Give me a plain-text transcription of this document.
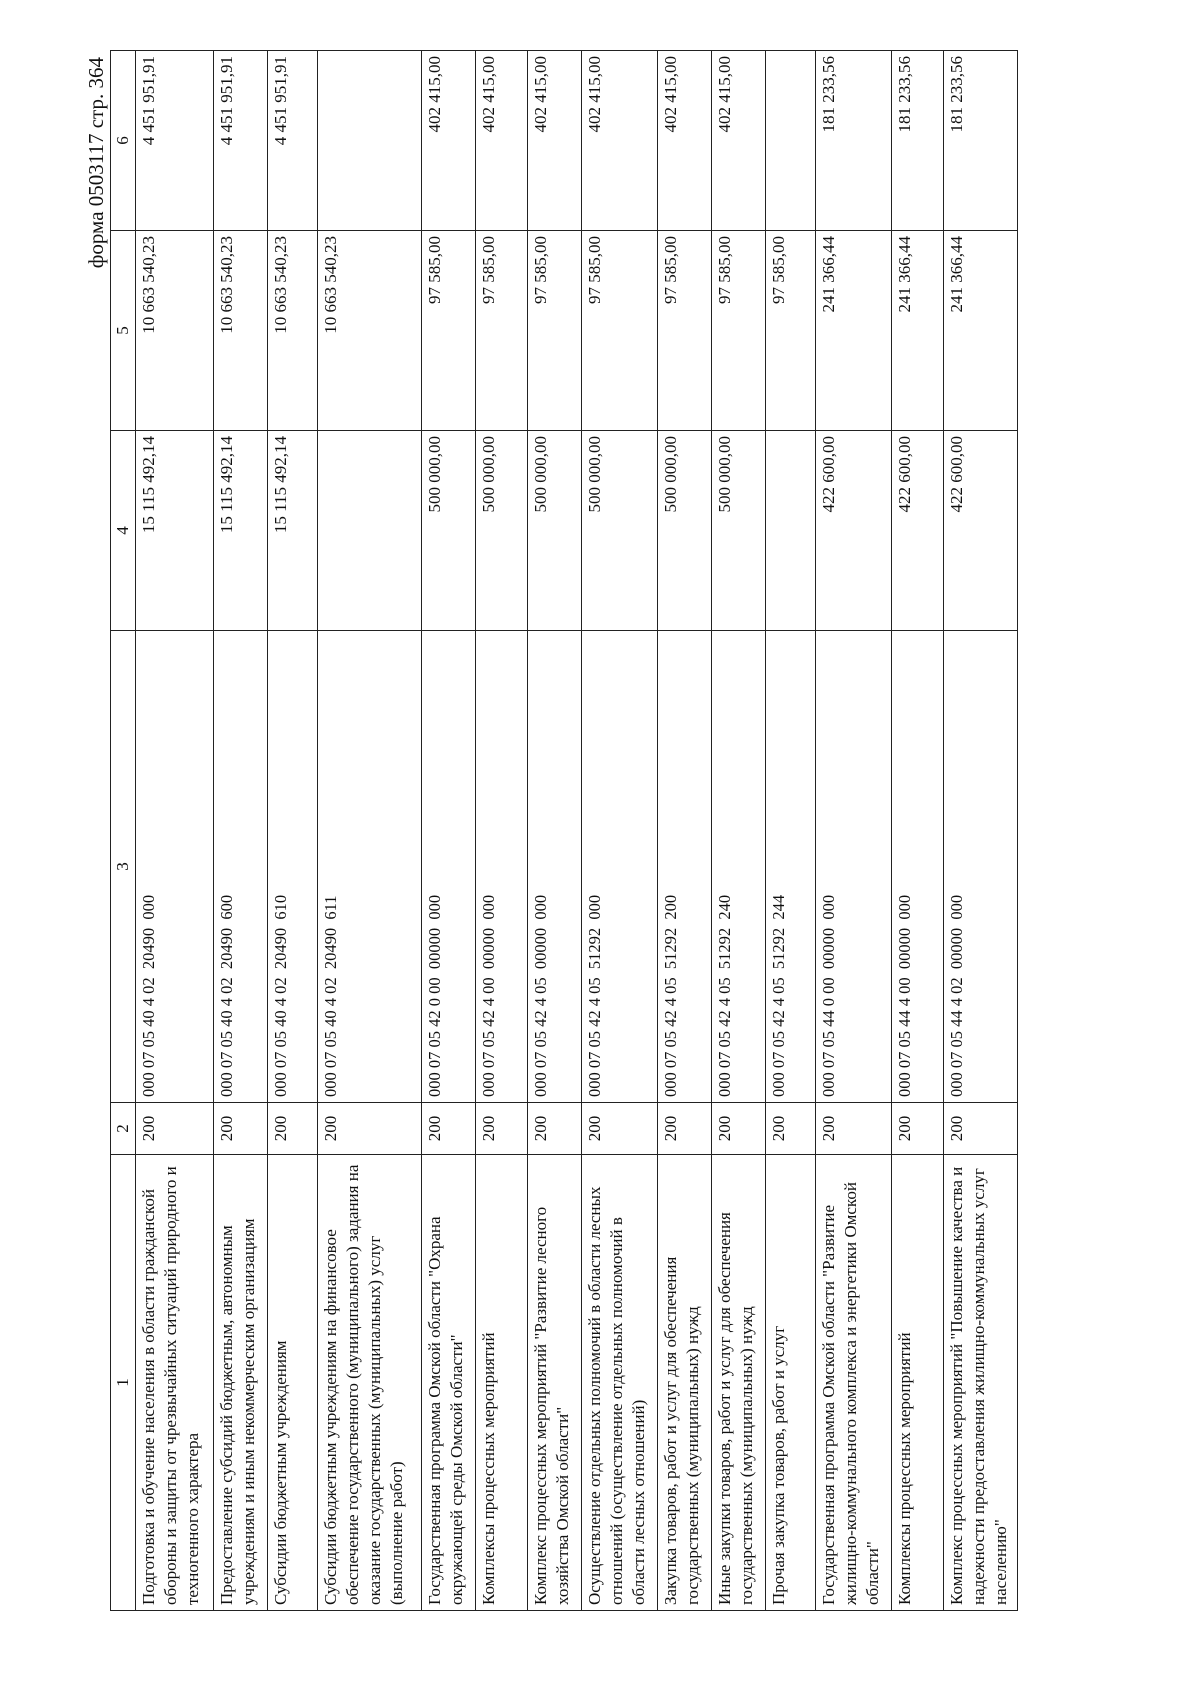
форма 0503117 стр. 364
1	2	3	4	5	6
Подготовка и обучение населения в области гражданской обороны и защиты от чрезвычайных ситуаций природного и техногенного характера	200	000 07 05 40 4 02  20490  000	15 115 492,14	10 663 540,23	4 451 951,91
Предоставление субсидий бюджетным, автономным учреждениям и иным некоммерческим организациям	200	000 07 05 40 4 02  20490  600	15 115 492,14	10 663 540,23	4 451 951,91
Субсидии бюджетным учреждениям	200	000 07 05 40 4 02  20490  610	15 115 492,14	10 663 540,23	4 451 951,91
Субсидии бюджетным учреждениям на финансовое обеспечение государственного (муниципального) задания на оказание государственных (муниципальных) услуг (выполнение работ)	200	000 07 05 40 4 02  20490  611		10 663 540,23	
Государственная программа Омской области "Охрана окружающей среды Омской области"	200	000 07 05 42 0 00  00000  000	500 000,00	97 585,00	402 415,00
Комплексы процессных мероприятий	200	000 07 05 42 4 00  00000  000	500 000,00	97 585,00	402 415,00
Комплекс процессных мероприятий "Развитие лесного хозяйства Омской области"	200	000 07 05 42 4 05  00000  000	500 000,00	97 585,00	402 415,00
Осуществление отдельных полномочий в области лесных отношений (осуществление отдельных полномочий в области лесных отношений)	200	000 07 05 42 4 05  51292  000	500 000,00	97 585,00	402 415,00
Закупка товаров, работ и услуг для обеспечения государственных (муниципальных) нужд	200	000 07 05 42 4 05  51292  200	500 000,00	97 585,00	402 415,00
Иные закупки товаров, работ и услуг для обеспечения государственных (муниципальных) нужд	200	000 07 05 42 4 05  51292  240	500 000,00	97 585,00	402 415,00
Прочая закупка товаров, работ и услуг	200	000 07 05 42 4 05  51292  244		97 585,00	
Государственная программа Омской области "Развитие жилищно-коммунального комплекса и энергетики Омской области"	200	000 07 05 44 0 00  00000  000	422 600,00	241 366,44	181 233,56
Комплексы процессных мероприятий	200	000 07 05 44 4 00  00000  000	422 600,00	241 366,44	181 233,56
Комплекс процессных мероприятий "Повышение качества и надежности предоставления жилищно-коммунальных услуг населению"	200	000 07 05 44 4 02  00000  000	422 600,00	241 366,44	181 233,56
